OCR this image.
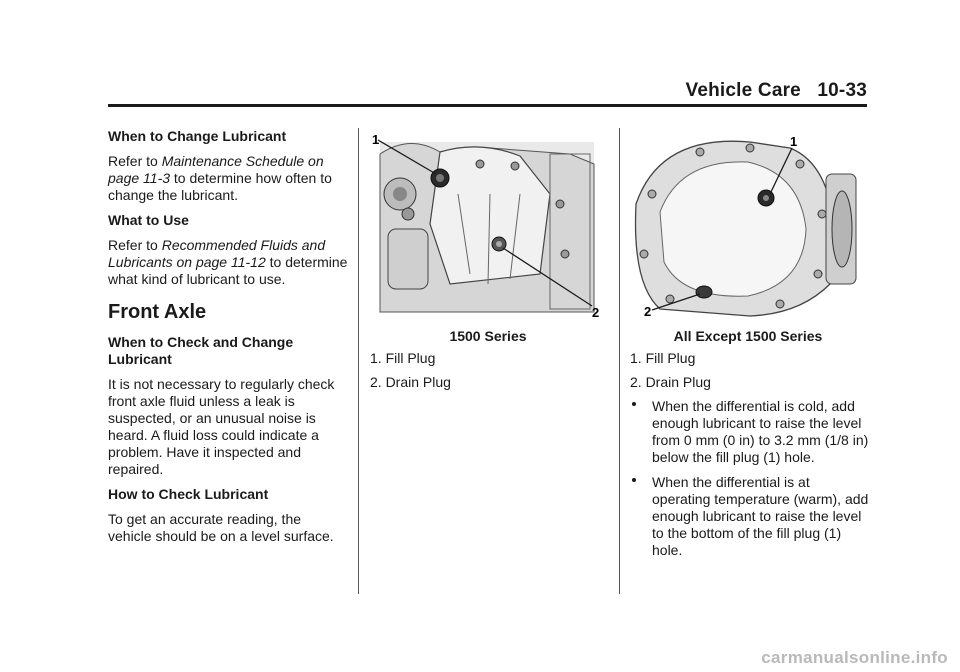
Vehicle Care 10-33

When to Change Lubricant

Refer to Maintenance Schedule on page 11-3 to determine how often to change the lubricant.

What to Use

Refer to Recommended Fluids and Lubricants on page 11-12 to determine what kind of lubricant to use.

Front Axle

When to Check and Change Lubricant

It is not necessary to regularly check front axle fluid unless a leak is suspected, or an unusual noise is heard. A fluid loss could indicate a problem. Have it inspected and repaired.

How to Check Lubricant

To get an accurate reading, the vehicle should be on a level surface.

1
2
1500 Series
1. Fill Plug
2. Drain Plug
1
2
All Except 1500 Series
1. Fill Plug
2. Drain Plug
When the differential is cold, add enough lubricant to raise the level from 0 mm (0 in) to 3.2 mm (1/8 in) below the fill plug (1) hole.
When the differential is at operating temperature (warm), add enough lubricant to raise the level to the bottom of the fill plug (1) hole.
carmanualsonline.info
